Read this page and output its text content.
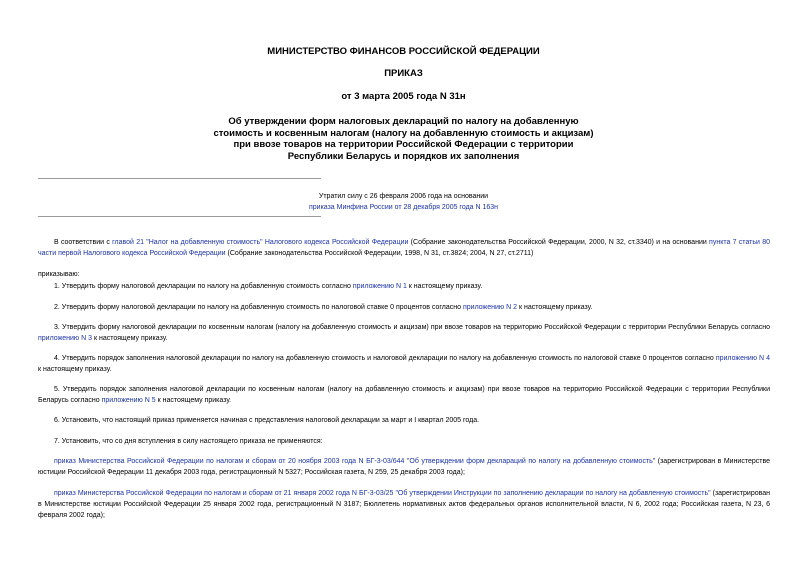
МИНИСТЕРСТВО ФИНАНСОВ РОССИЙСКОЙ ФЕДЕРАЦИИ
ПРИКАЗ
от 3 марта 2005 года N 31н
Об утверждении форм налоговых деклараций по налогу на добавленную
стоимость и косвенным налогам (налогу на добавленную стоимость и акцизам)
при ввозе товаров на территории Российской Федерации с территории
Республики Беларусь и порядков их заполнения
Утратил силу с 26 февраля 2006 года на основании
приказа Минфина России от 28 декабря 2005 года N 163н
В соответствии с главой 21 "Налог на добавленную стоимость" Налогового кодекса Российской Федерации (Собрание законодательства Российской Федерации, 2000, N 32, ст.3340) и на основании пункта 7 статьи 80 части первой Налогового кодекса Российской Федерации (Собрание законодательства Российской Федерации, 1998, N 31, ст.3824; 2004, N 27, ст.2711)
приказываю:
1. Утвердить форму налоговой декларации по налогу на добавленную стоимость согласно приложению N 1 к настоящему приказу.
2. Утвердить форму налоговой декларации по налогу на добавленную стоимость по налоговой ставке 0 процентов согласно приложению N 2 к настоящему приказу.
3. Утвердить форму налоговой декларации по косвенным налогам (налогу на добавленную стоимость и акцизам) при ввозе товаров на территорию Российской Федерации с территории Республики Беларусь согласно приложению N 3 к настоящему приказу.
4. Утвердить порядок заполнения налоговой декларации по налогу на добавленную стоимость и налоговой декларации по налогу на добавленную стоимость по налоговой ставке 0 процентов согласно приложению N 4 к настоящему приказу.
5. Утвердить порядок заполнения налоговой декларации по косвенным налогам (налогу на добавленную стоимость и акцизам) при ввозе товаров на территорию Российской Федерации с территории Республики Беларусь согласно приложению N 5 к настоящему приказу.
6. Установить, что настоящий приказ применяется начиная с представления налоговой декларации за март и I квартал 2005 года.
7. Установить, что со дня вступления в силу настоящего приказа не применяются:
приказ Министерства Российской Федерации по налогам и сборам от 20 ноября 2003 года N БГ-3-03/644 "Об утверждении форм деклараций по налогу на добавленную стоимость" (зарегистрирован в Министерстве юстиции Российской Федерации 11 декабря 2003 года, регистрационный N 5327; Российская газета, N 259, 25 декабря 2003 года);
приказ Министерства Российской Федерации по налогам и сборам от 21 января 2002 года N БГ-3-03/25 "Об утверждении Инструкции по заполнению декларации по налогу на добавленную стоимость" (зарегистрирован в Министерстве юстиции Российской Федерации 25 января 2002 года, регистрационный N 3187; Бюллетень нормативных актов федеральных органов исполнительной власти, N 6, 2002 года; Российская газета, N 23, 6 февраля 2002 года);
